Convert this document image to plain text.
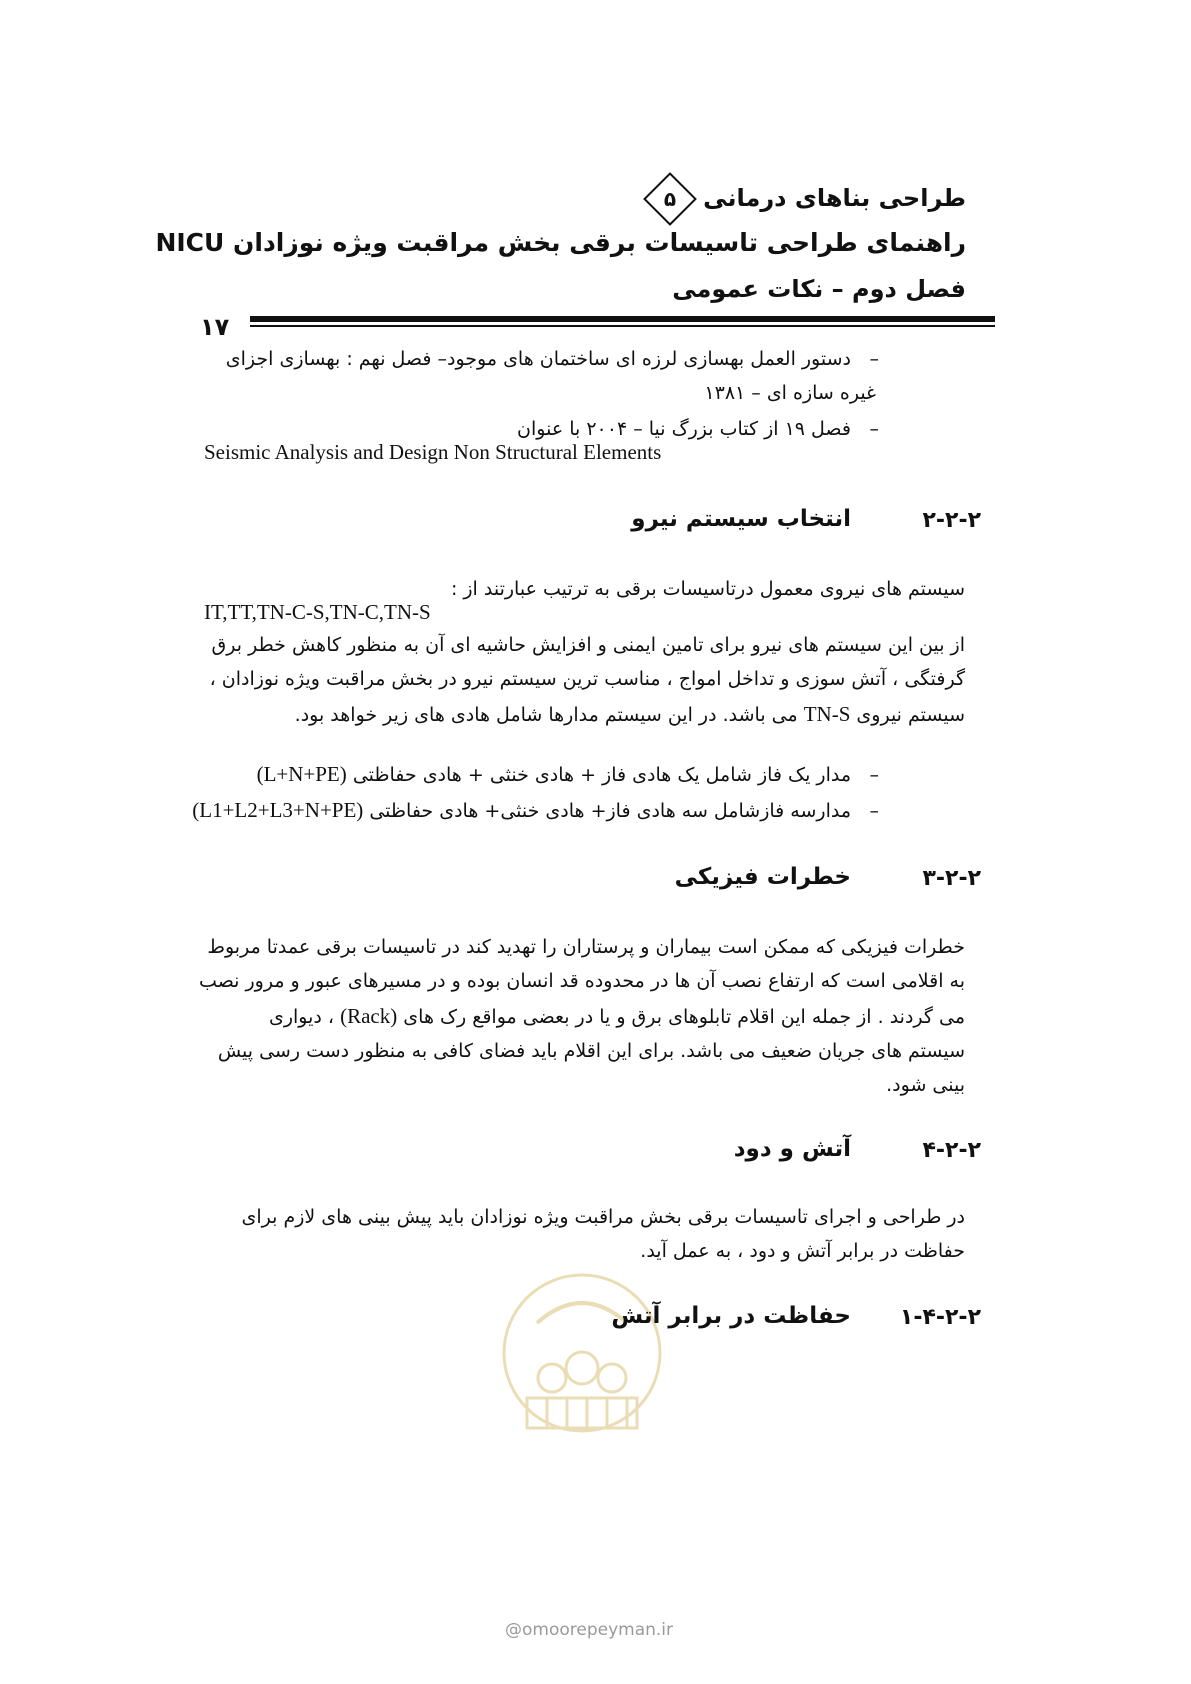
طراحی بناهای درمانی
۵
راهنمای طراحی تاسیسات برقی بخش مراقبت ویژه نوزادان NICU
فصل دوم – نکات عمومی
۱۷
–
دستور العمل بهسازی لرزه ای ساختمان های موجود– فصل نهم : بهسازی اجزای
غیره سازه ای – ۱۳۸۱
–
فصل ۱۹ از کتاب بزرگ نیا – ۲۰۰۴ با عنوان
Seismic Analysis and Design Non Structural Elements
۲-۲-۲
انتخاب سیستم نیرو
سیستم های نیروی معمول درتاسیسات برقی به ترتیب عبارتند از :
IT,TT,TN-C-S,TN-C,TN-S
از بین این سیستم های نیرو برای تامین ایمنی و افزایش حاشیه ای آن به منظور کاهش خطر برق
گرفتگی ، آتش سوزی و تداخل امواج ، مناسب ترین سیستم نیرو در بخش مراقبت ویژه نوزادان ،
سیستم نیروی TN-S می باشد. در این سیستم مدارها شامل هادی های زیر خواهد بود.
–
مدار یک فاز شامل یک هادی فاز + هادی خنثی + هادی حفاظتی (L+N+PE)
–
مدارسه فازشامل سه هادی فاز+ هادی خنثی+ هادی حفاظتی (L1+L2+L3+N+PE)
۳-۲-۲
خطرات فیزیکی
خطرات فیزیکی که ممکن است بیماران و پرستاران را تهدید کند در تاسیسات برقی عمدتا مربوط
به اقلامی است که ارتفاع نصب آن ها در محدوده قد انسان بوده و در مسیرهای عبور و مرور نصب
می گردند . از جمله این اقلام تابلوهای برق و یا در بعضی مواقع رک های (Rack) ، دیواری
سیستم های جریان ضعیف می باشد. برای این اقلام باید فضای کافی به منظور دست رسی پیش
بینی شود.
۴-۲-۲
آتش و دود
در طراحی و اجرای تاسیسات برقی بخش مراقبت ویژه نوزادان باید پیش بینی های لازم برای
حفاظت در برابر آتش و دود ، به عمل آید.
۱-۴-۲-۲
حفاظت در برابر آتش
@omoorepeyman.ir
